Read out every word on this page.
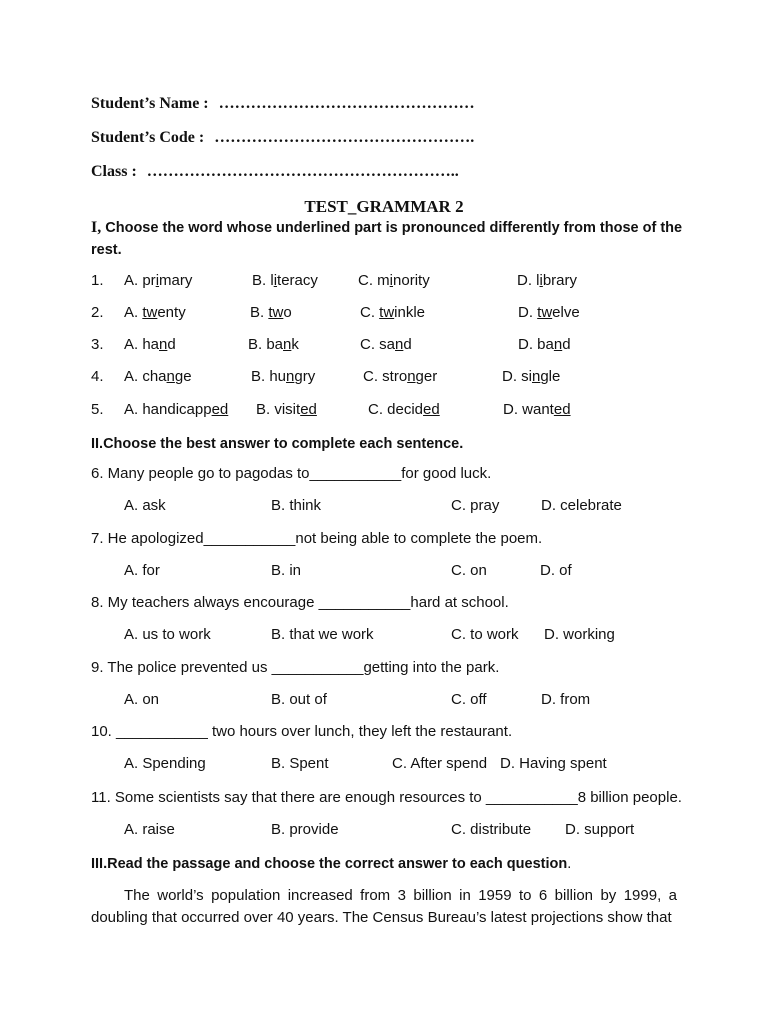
Student’s Name : …………………………………………
Student’s Code : ………………………………………….
Class : …………………………………………………..
TEST_GRAMMAR 2
I, Choose the word whose underlined part is pronounced differently from those of the rest.
1. A. primary	B. literacy	C. minority	D. library
2. A. twenty	B. two	C. twinkle	D. twelve
3. A. hand	B. bank	C. sand	D. band
4. A. change	B. hungry	C. stronger	D. single
5. A. handicapped B. visited	C. decided	D. wanted
II.Choose the best answer to complete each sentence.
6. Many people go to pagodas to___________for good luck.
A. ask	B. think	C. pray	D. celebrate
7. He apologized___________not being able to complete the poem.
A. for	B. in	C. on	D. of
8. My teachers always encourage ___________hard at school.
A. us to work	B. that we work	C. to work D. working
9. The police prevented us ___________getting into the park.
A. on	B. out of	C. off	D. from
10. ___________ two hours over lunch, they left the restaurant.
A. Spending	B. Spent	C. After spend D. Having spent
11. Some scientists say that there are enough resources to ___________8 billion people.
A. raise	B. provide	C. distribute D. support
III.Read the passage and choose the correct answer to each question.
The world’s population increased from 3 billion in 1959 to 6 billion by 1999, a doubling that occurred over 40 years. The Census Bureau’s latest projections show that
